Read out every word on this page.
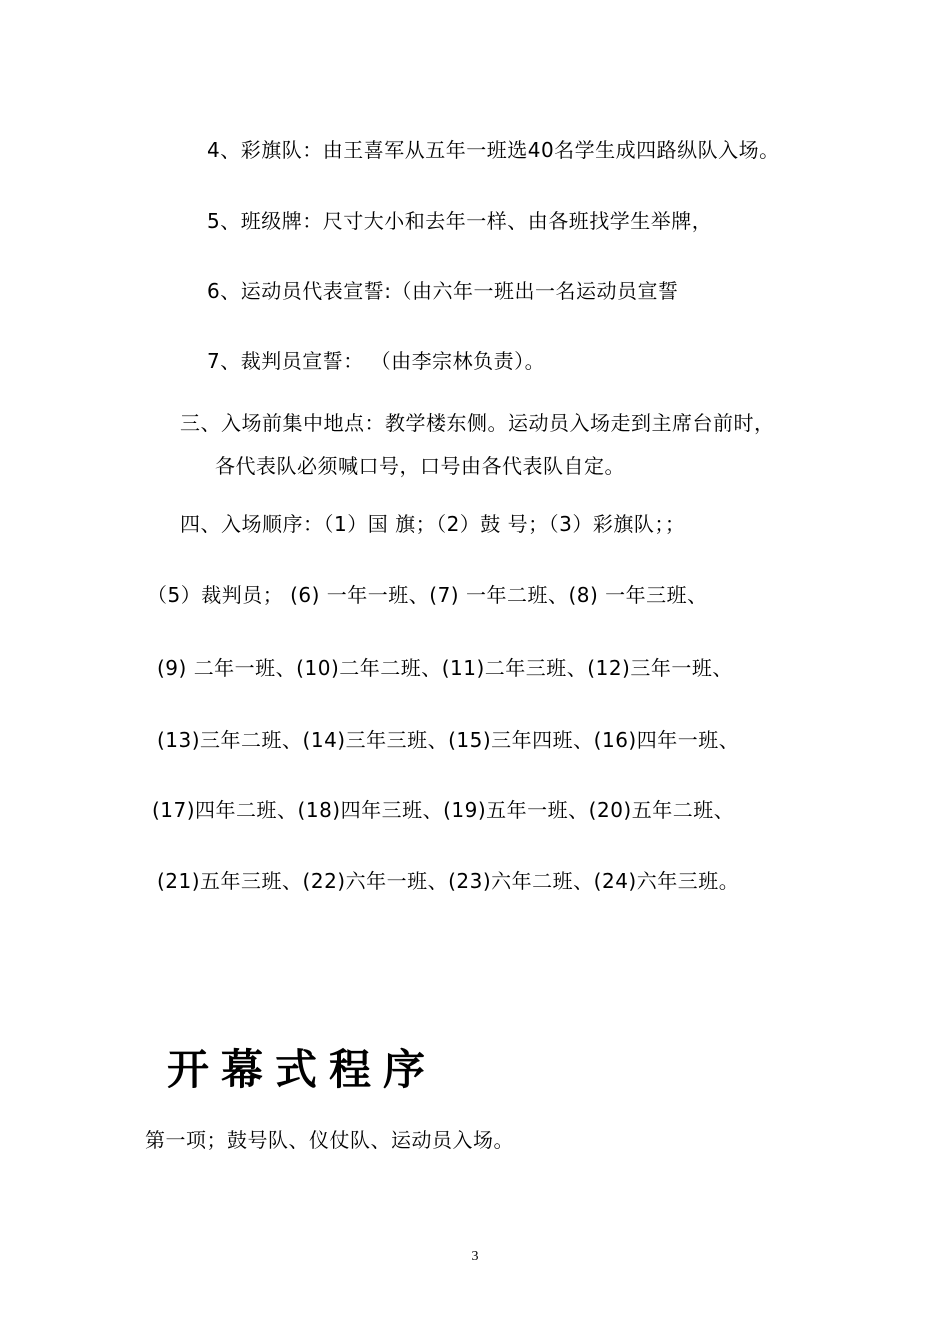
4、彩旗队：由王喜军从五年一班选40名学生成四路纵队入场。
5、班级牌：尺寸大小和去年一样、由各班找学生举牌，
6、运动员代表宣誓:（由六年一班出一名运动员宣誓
7、裁判员宣誓： （由李宗林负责）。
三、入场前集中地点：教学楼东侧。运动员入场走到主席台前时，
各代表队必须喊口号，口号由各代表队自定。
四、入场顺序：（1）国 旗；（2）鼓 号；（3）彩旗队；；
（5）裁判员； (6) 一年一班、(7) 一年二班、(8) 一年三班、
(9) 二年一班、(10)二年二班、(11)二年三班、(12)三年一班、
(13)三年二班、(14)三年三班、(15)三年四班、(16)四年一班、
(17)四年二班、(18)四年三班、(19)五年一班、(20)五年二班、
(21)五年三班、(22)六年一班、(23)六年二班、(24)六年三班。
开幕式程序
第一项；鼓号队、仪仗队、运动员入场。
3
